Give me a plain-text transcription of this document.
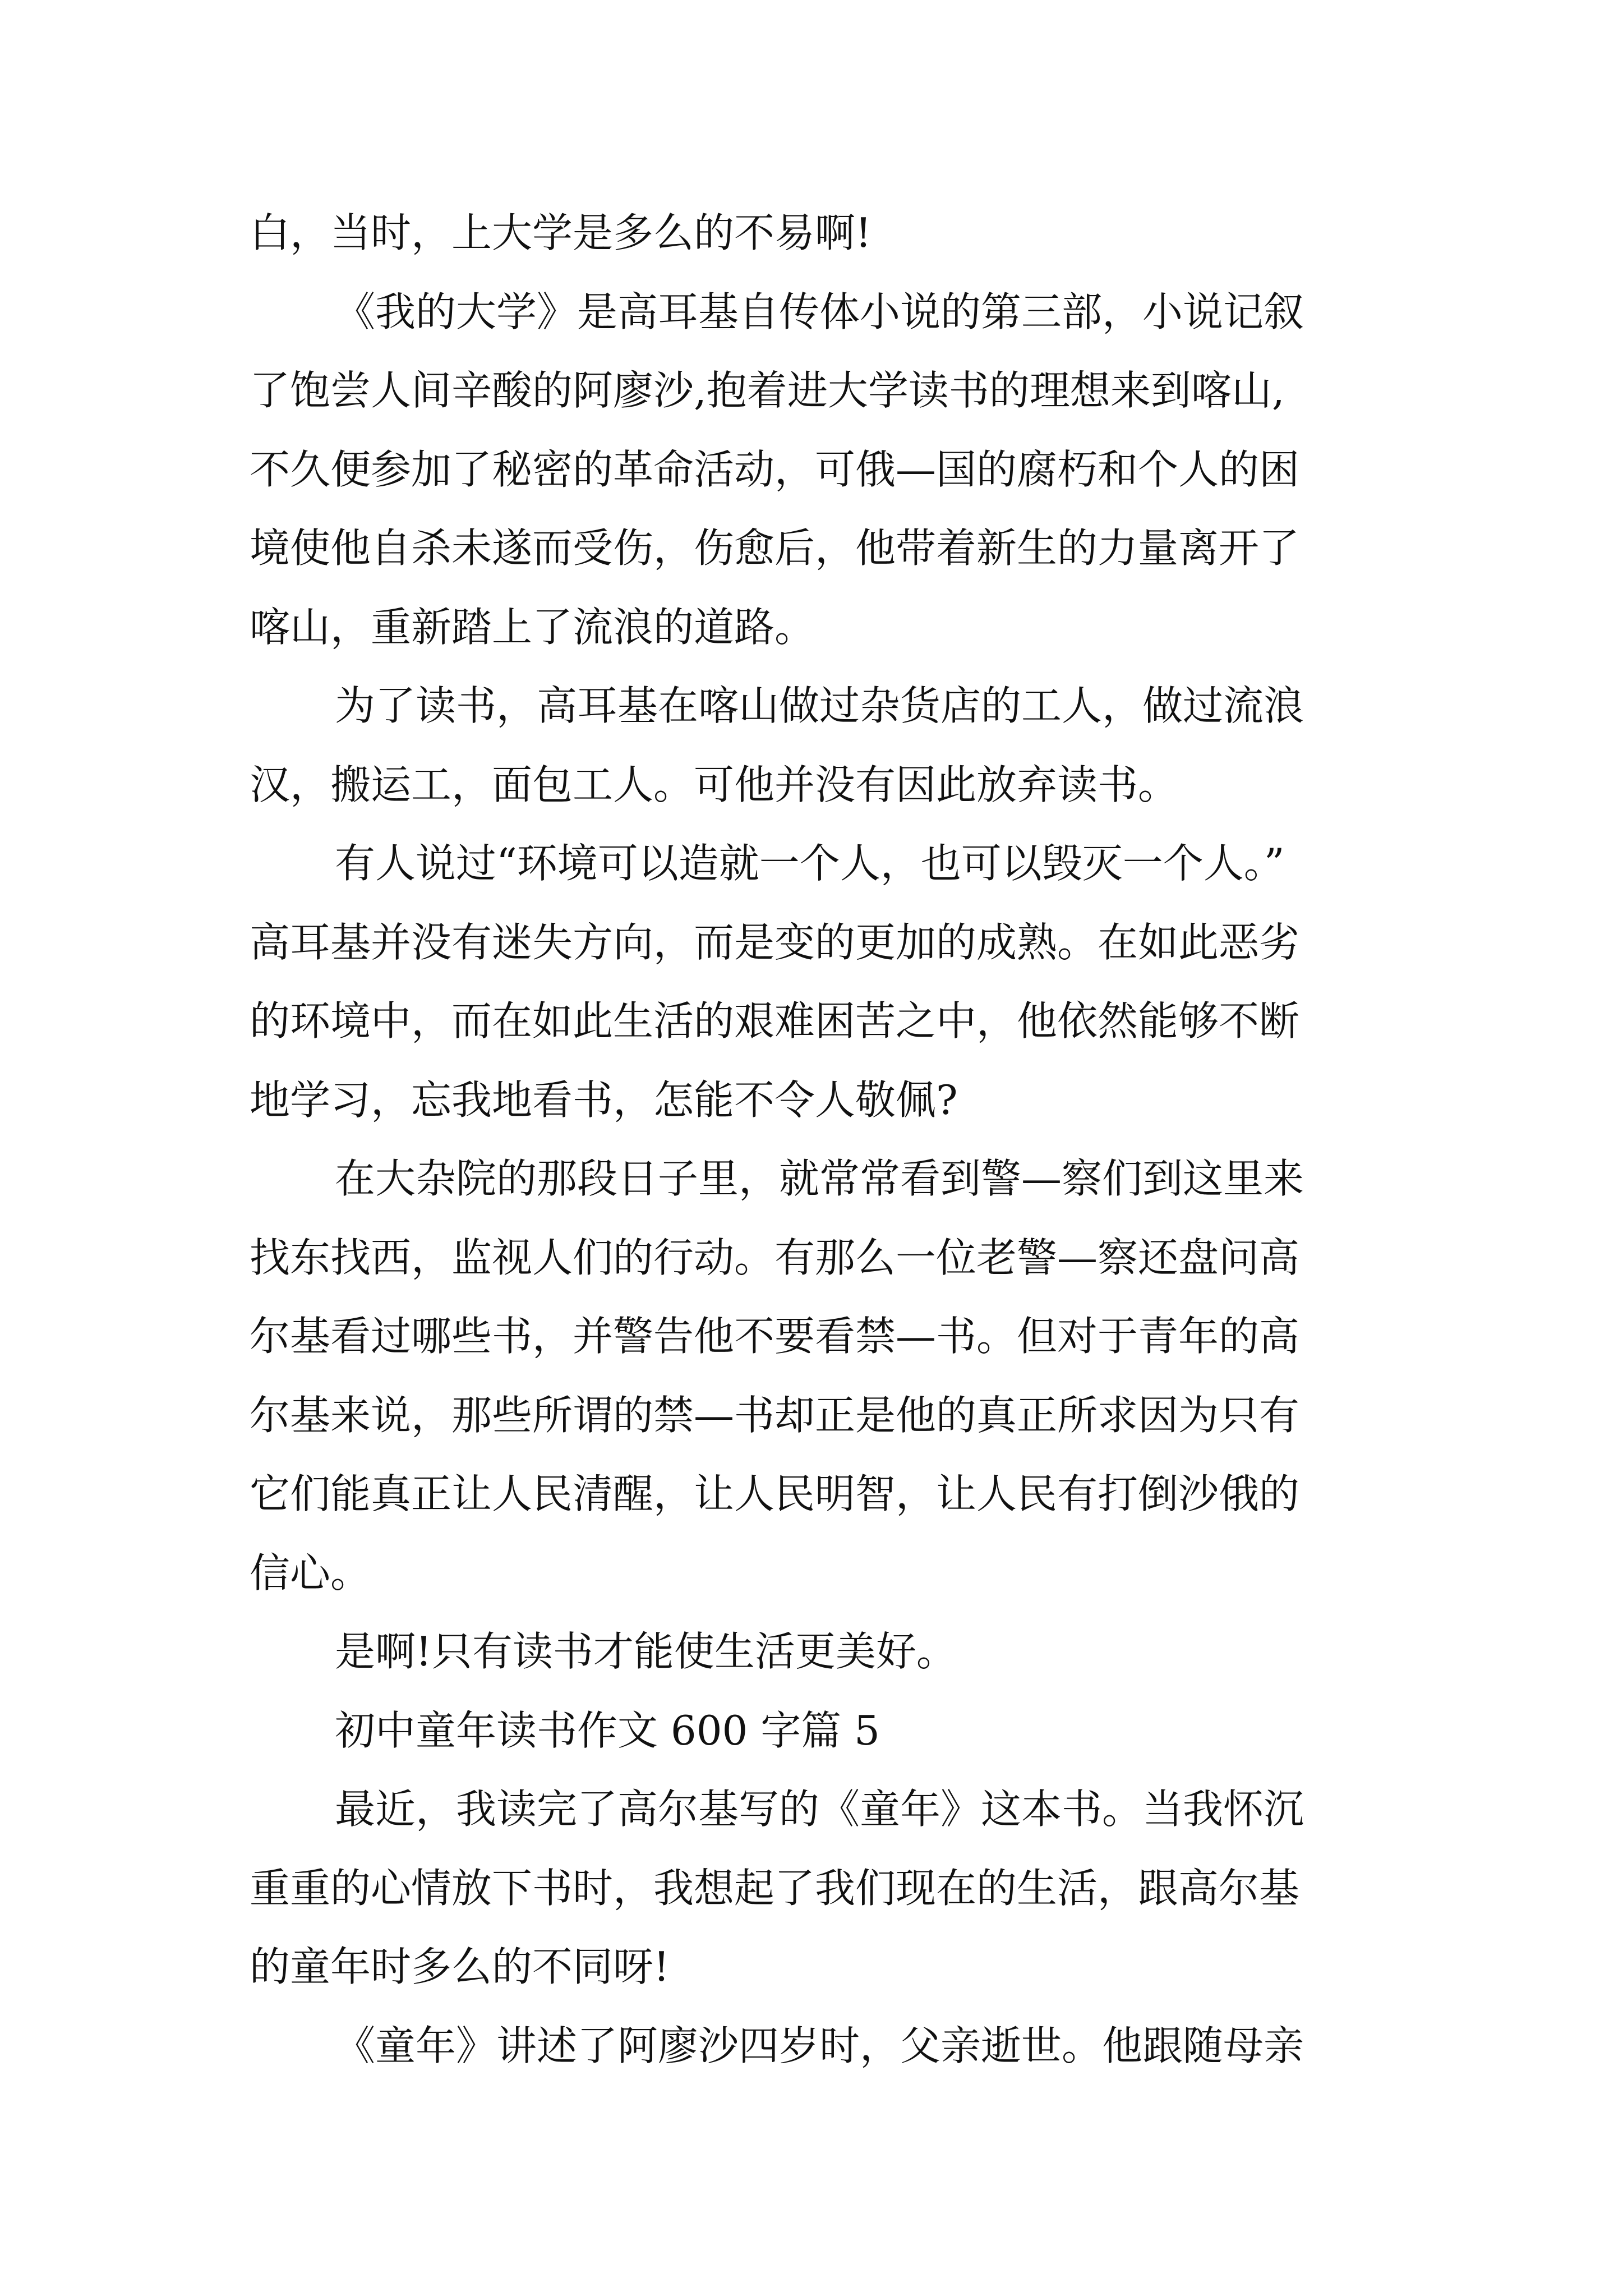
白，当时，上大学是多么的不易啊!
《我的大学》是高耳基自传体小说的第三部，小说记叙
了饱尝人间辛酸的阿廖沙,抱着进大学读书的理想来到喀山,
不久便参加了秘密的革命活动，可俄—国的腐朽和个人的困
境使他自杀未遂而受伤，伤愈后，他带着新生的力量离开了
喀山，重新踏上了流浪的道路。
为了读书，高耳基在喀山做过杂货店的工人，做过流浪
汉，搬运工，面包工人。可他并没有因此放弃读书。
有人说过“环境可以造就一个人，也可以毁灭一个人。”
高耳基并没有迷失方向，而是变的更加的成熟。在如此恶劣
的环境中，而在如此生活的艰难困苦之中，他依然能够不断
地学习，忘我地看书，怎能不令人敬佩?
在大杂院的那段日子里，就常常看到警—察们到这里来
找东找西，监视人们的行动。有那么一位老警—察还盘问高
尔基看过哪些书，并警告他不要看禁—书。但对于青年的高
尔基来说，那些所谓的禁—书却正是他的真正所求因为只有
它们能真正让人民清醒，让人民明智，让人民有打倒沙俄的
信心。
是啊!只有读书才能使生活更美好。
初中童年读书作文 600 字篇 5
最近，我读完了高尔基写的《童年》这本书。当我怀沉
重重的心情放下书时，我想起了我们现在的生活，跟高尔基
的童年时多么的不同呀!
《童年》讲述了阿廖沙四岁时，父亲逝世。他跟随母亲
